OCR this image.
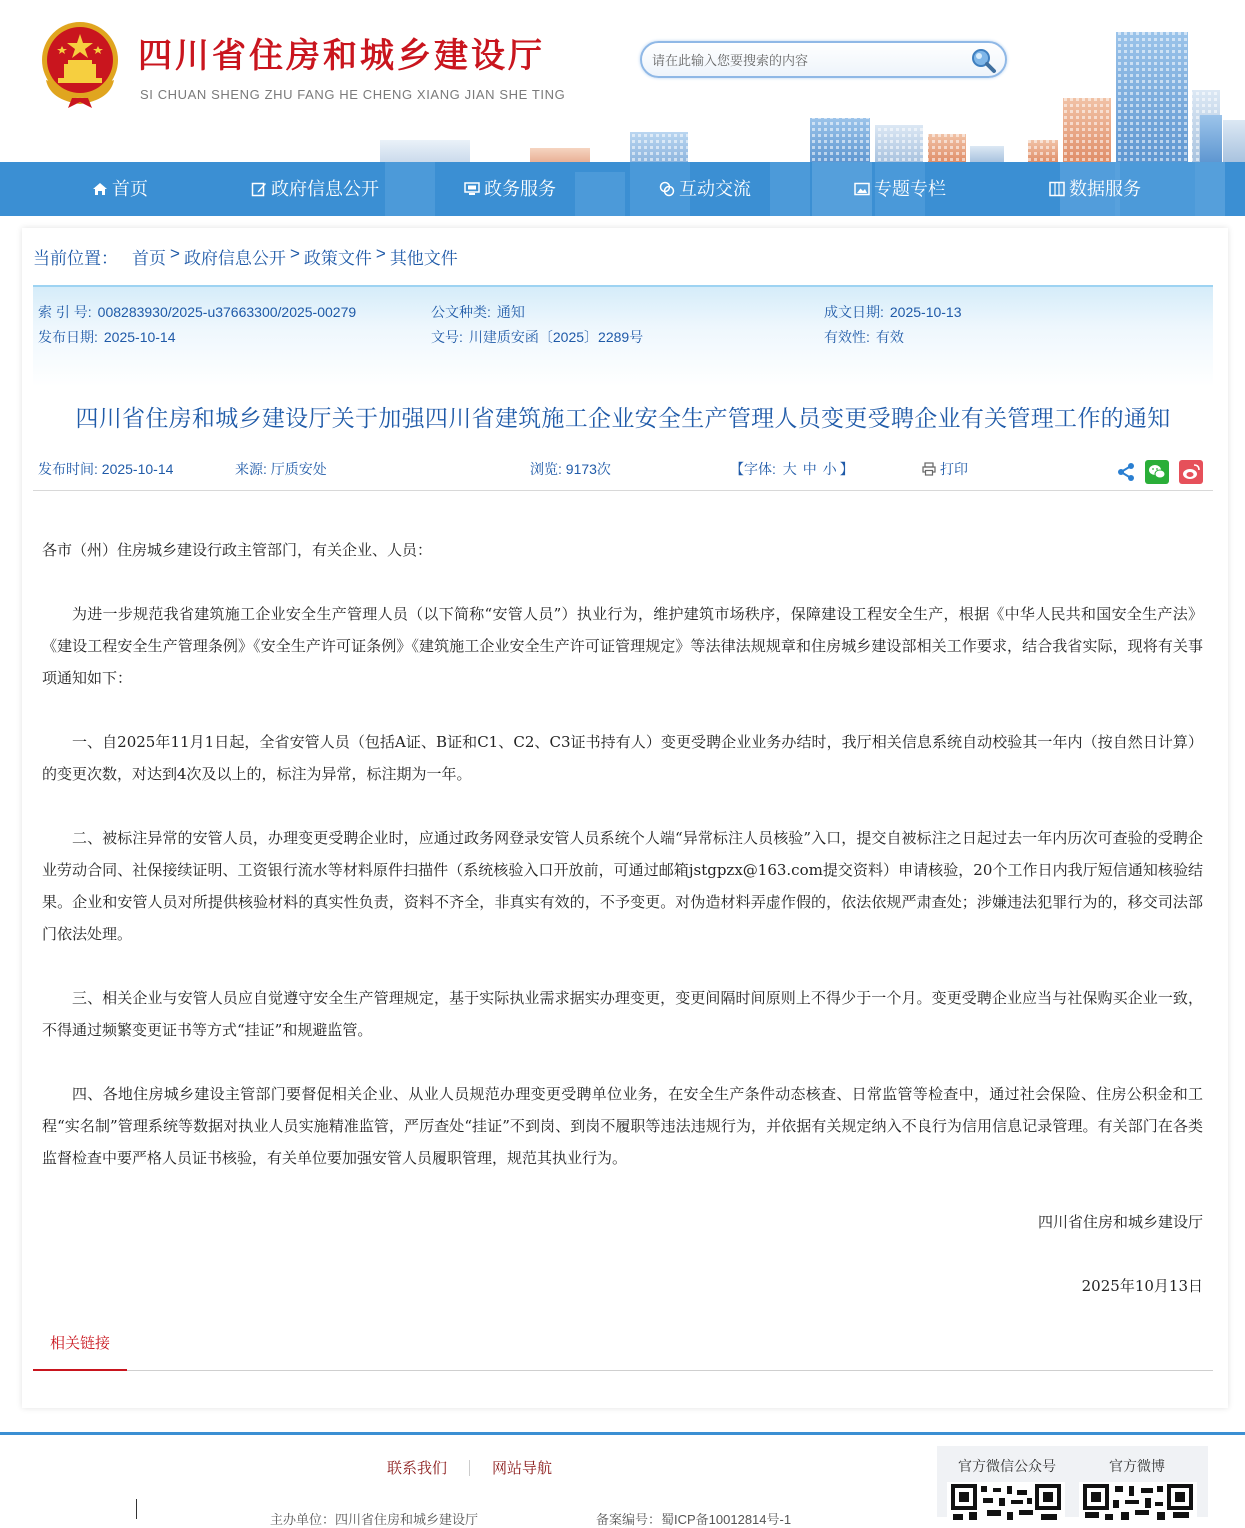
四川省住房和城乡建设厅
SI CHUAN SHENG ZHU FANG HE CHENG XIANG JIAN SHE TING
请在此输入您要搜索的内容
首页	政府信息公开	政务服务	互动交流	专题专栏	数据服务
当前位置： 首页 > 政府信息公开 > 政策文件 > 其他文件
索 引 号: 008283930/2025-u37663300/2025-00279	公文种类: 通知	成文日期: 2025-10-13
发布日期: 2025-10-14	文号: 川建质安函〔2025〕2289号	有效性: 有效
四川省住房和城乡建设厅关于加强四川省建筑施工企业安全生产管理人员变更受聘企业有关管理工作的通知
发布时间: 2025-10-14	来源: 厅质安处	浏览: 9173次	【字体: 大 中 小 】	打印

各市（州）住房城乡建设行政主管部门，有关企业、人员：

为进一步规范我省建筑施工企业安全生产管理人员（以下简称“安管人员”）执业行为，维护建筑市场秩序，保障建设工程安全生产，根据《中华人民共和国安全生产法》《建设工程安全生产管理条例》《安全生产许可证条例》《建筑施工企业安全生产许可证管理规定》等法律法规规章和住房城乡建设部相关工作要求，结合我省实际，现将有关事项通知如下：

一、自2025年11月1日起，全省安管人员（包括A证、B证和C1、C2、C3证书持有人）变更受聘企业业务办结时，我厅相关信息系统自动校验其一年内（按自然日计算）的变更次数，对达到4次及以上的，标注为异常，标注期为一年。

二、被标注异常的安管人员，办理变更受聘企业时，应通过政务网登录安管人员系统个人端“异常标注人员核验”入口，提交自被标注之日起过去一年内历次可查验的受聘企业劳动合同、社保接续证明、工资银行流水等材料原件扫描件（系统核验入口开放前，可通过邮箱jstgpzx@163.com提交资料）申请核验，20个工作日内我厅短信通知核验结果。企业和安管人员对所提供核验材料的真实性负责，资料不齐全，非真实有效的，不予变更。对伪造材料弄虚作假的，依法依规严肃查处；涉嫌违法犯罪行为的，移交司法部门依法处理。

三、相关企业与安管人员应自觉遵守安全生产管理规定，基于实际执业需求据实办理变更，变更间隔时间原则上不得少于一个月。变更受聘企业应当与社保购买企业一致，不得通过频繁变更证书等方式“挂证”和规避监管。

四、各地住房城乡建设主管部门要督促相关企业、从业人员规范办理变更受聘单位业务，在安全生产条件动态核查、日常监管等检查中，通过社会保险、住房公积金和工程“实名制”管理系统等数据对执业人员实施精准监管，严厉查处“挂证”不到岗、到岗不履职等违法违规行为，并依据有关规定纳入不良行为信用信息记录管理。有关部门在各类监督检查中要严格人员证书核验，有关单位要加强安管人员履职管理，规范其执业行为。

四川省住房和城乡建设厅

2025年10月13日

相关链接
联系我们	网站导航
主办单位：四川省住房和城乡建设厅	备案编号：蜀ICP备10012814号-1
官方微信公众号	官方微博
